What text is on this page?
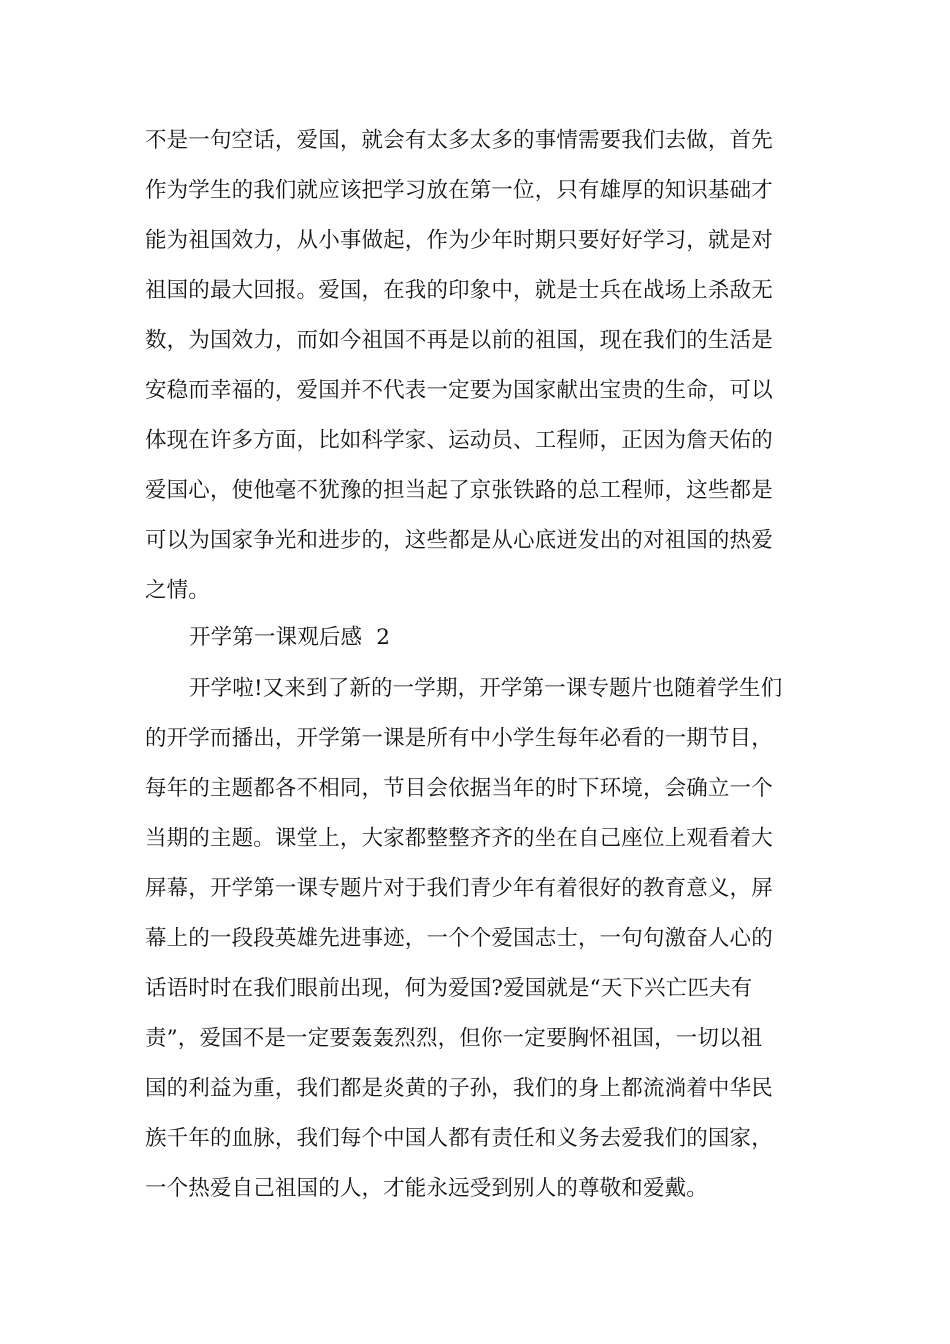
不是一句空话，爱国，就会有太多太多的事情需要我们去做，首先
作为学生的我们就应该把学习放在第一位，只有雄厚的知识基础才
能为祖国效力，从小事做起，作为少年时期只要好好学习，就是对
祖国的最大回报。爱国，在我的印象中，就是士兵在战场上杀敌无
数，为国效力，而如今祖国不再是以前的祖国，现在我们的生活是
安稳而幸福的，爱国并不代表一定要为国家献出宝贵的生命，可以
体现在许多方面，比如科学家、运动员、工程师，正因为詹天佑的
爱国心，使他毫不犹豫的担当起了京张铁路的总工程师，这些都是
可以为国家争光和进步的，这些都是从心底迸发出的对祖国的热爱
之情。
开学第一课观后感 2
开学啦!又来到了新的一学期，开学第一课专题片也随着学生们
的开学而播出，开学第一课是所有中小学生每年必看的一期节目，
每年的主题都各不相同，节目会依据当年的时下环境，会确立一个
当期的主题。课堂上，大家都整整齐齐的坐在自己座位上观看着大
屏幕，开学第一课专题片对于我们青少年有着很好的教育意义，屏
幕上的一段段英雄先进事迹，一个个爱国志士，一句句激奋人心的
话语时时在我们眼前出现，何为爱国?爱国就是“天下兴亡匹夫有
责”，爱国不是一定要轰轰烈烈，但你一定要胸怀祖国，一切以祖
国的利益为重，我们都是炎黄的子孙，我们的身上都流淌着中华民
族千年的血脉，我们每个中国人都有责任和义务去爱我们的国家，
一个热爱自己祖国的人，才能永远受到别人的尊敬和爱戴。
